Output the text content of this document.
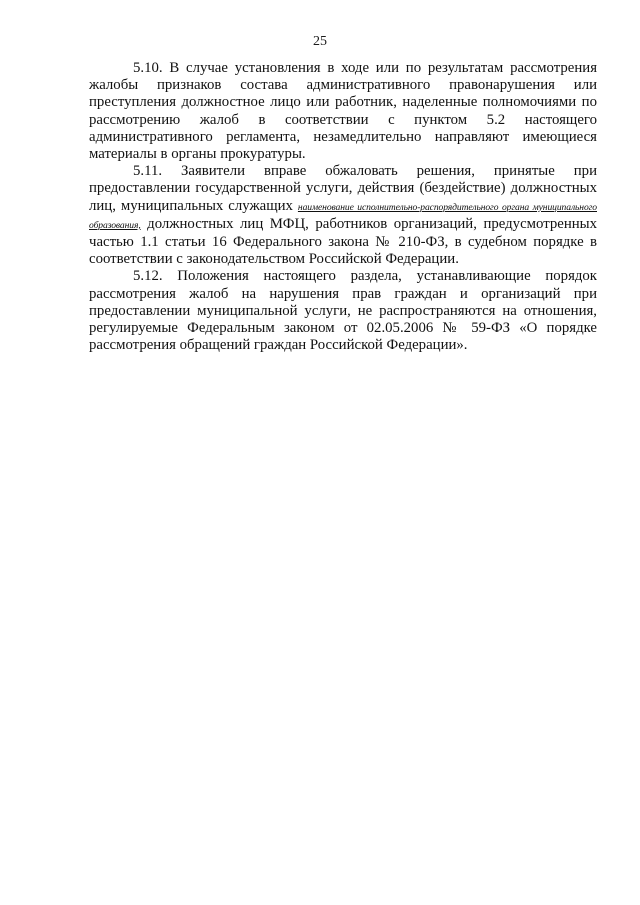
25

5.10. В случае установления в ходе или по результатам рассмотрения жалобы признаков состава административного правонарушения или преступления должностное лицо или работник, наделенные полномочиями по рассмотрению жалоб в соответствии с пунктом 5.2 настоящего административного регламента, незамедлительно направляют имеющиеся материалы в органы прокуратуры.

5.11. Заявители вправе обжаловать решения, принятые при предоставлении государственной услуги, действия (бездействие) должностных лиц, муниципальных служащих наименование исполнительно-распорядительного органа муниципального образования, должностных лиц МФЦ, работников организаций, предусмотренных частью 1.1 статьи 16 Федерального закона № 210-ФЗ, в судебном порядке в соответствии с законодательством Российской Федерации.

5.12. Положения настоящего раздела, устанавливающие порядок рассмотрения жалоб на нарушения прав граждан и организаций при предоставлении муниципальной услуги, не распространяются на отношения, регулируемые Федеральным законом от 02.05.2006 № 59-ФЗ «О порядке рассмотрения обращений граждан Российской Федерации».
